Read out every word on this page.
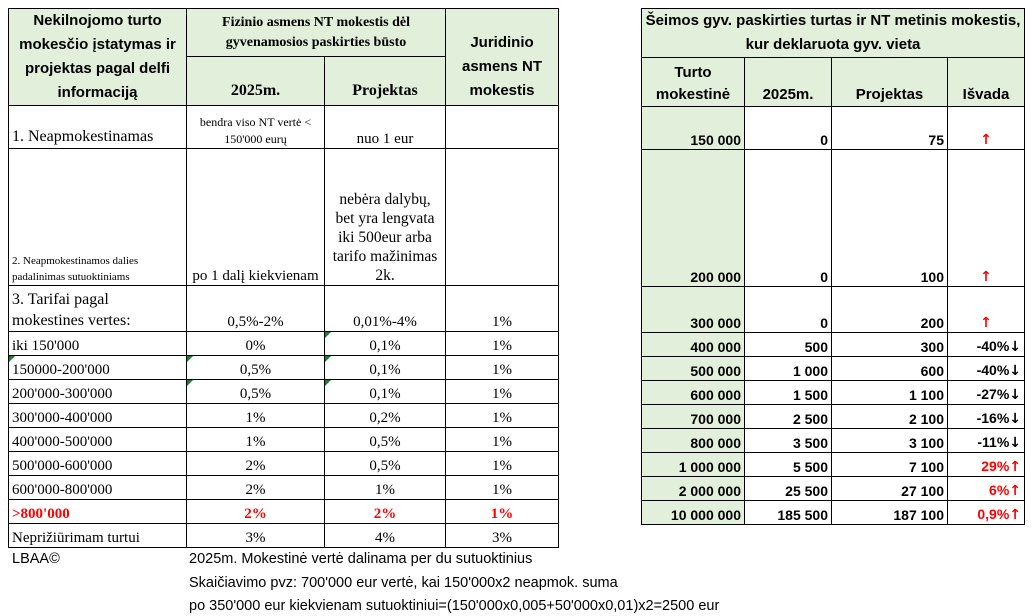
Nekilnojomo turto mokesčio įstatymas ir projektas pagal delfi informaciją	Fizinio asmens NT mokestis dėl gyvenamosios paskirties būsto		Juridinio asmens NT mokestis
	2025m.	Projektas	
1. Neapmokestinamas	bendra viso NT vertė < 150'000 eurų	nuo 1 eur	
2. Neapmokestinamos dalies padalinimas sutuoktiniams	po 1 dalį kiekvienam	nebėra dalybų, bet yra lengvata iki 500eur arba tarifo mažinimas 2k.	
3. Tarifai pagal mokestines vertes:	0,5%-2%	0,01%-4%	1%
iki 150'000	0%	0,1%	1%
150000-200'000	0,5%	0,1%	1%
200'000-300'000	0,5%	0,1%	1%
300'000-400'000	1%	0,2%	1%
400'000-500'000	1%	0,5%	1%
500'000-600'000	2%	0,5%	1%
600'000-800'000	2%	1%	1%
>800'000	2%	2%	1%
Neprižiūrimam turtui	3%	4%	3%
Šeimos gyv. paskirties turtas ir NT metinis mokestis, kur deklaruota gyv. vieta			
Turto mokestinė	2025m.	Projektas	Išvada
150 000	0	75	↑
200 000	0	100	↑
300 000	0	200	↑
400 000	500	300	-40%↓
500 000	1 000	600	-40%↓
600 000	1 500	1 100	-27%↓
700 000	2 500	2 100	-16%↓
800 000	3 500	3 100	-11%↓
1 000 000	5 500	7 100	29%↑
2 000 000	25 500	27 100	6%↑
10 000 000	185 500	187 100	0,9%↑
LBAA©	2025m. Mokestinė vertė dalinama per du sutuoktinius
Skaičiavimo pvz: 700'000 eur vertė, kai 150'000x2 neapmok. suma
po 350'000 eur kiekvienam sutuoktiniui=(150'000x0,005+50'000x0,01)x2=2500 eur
